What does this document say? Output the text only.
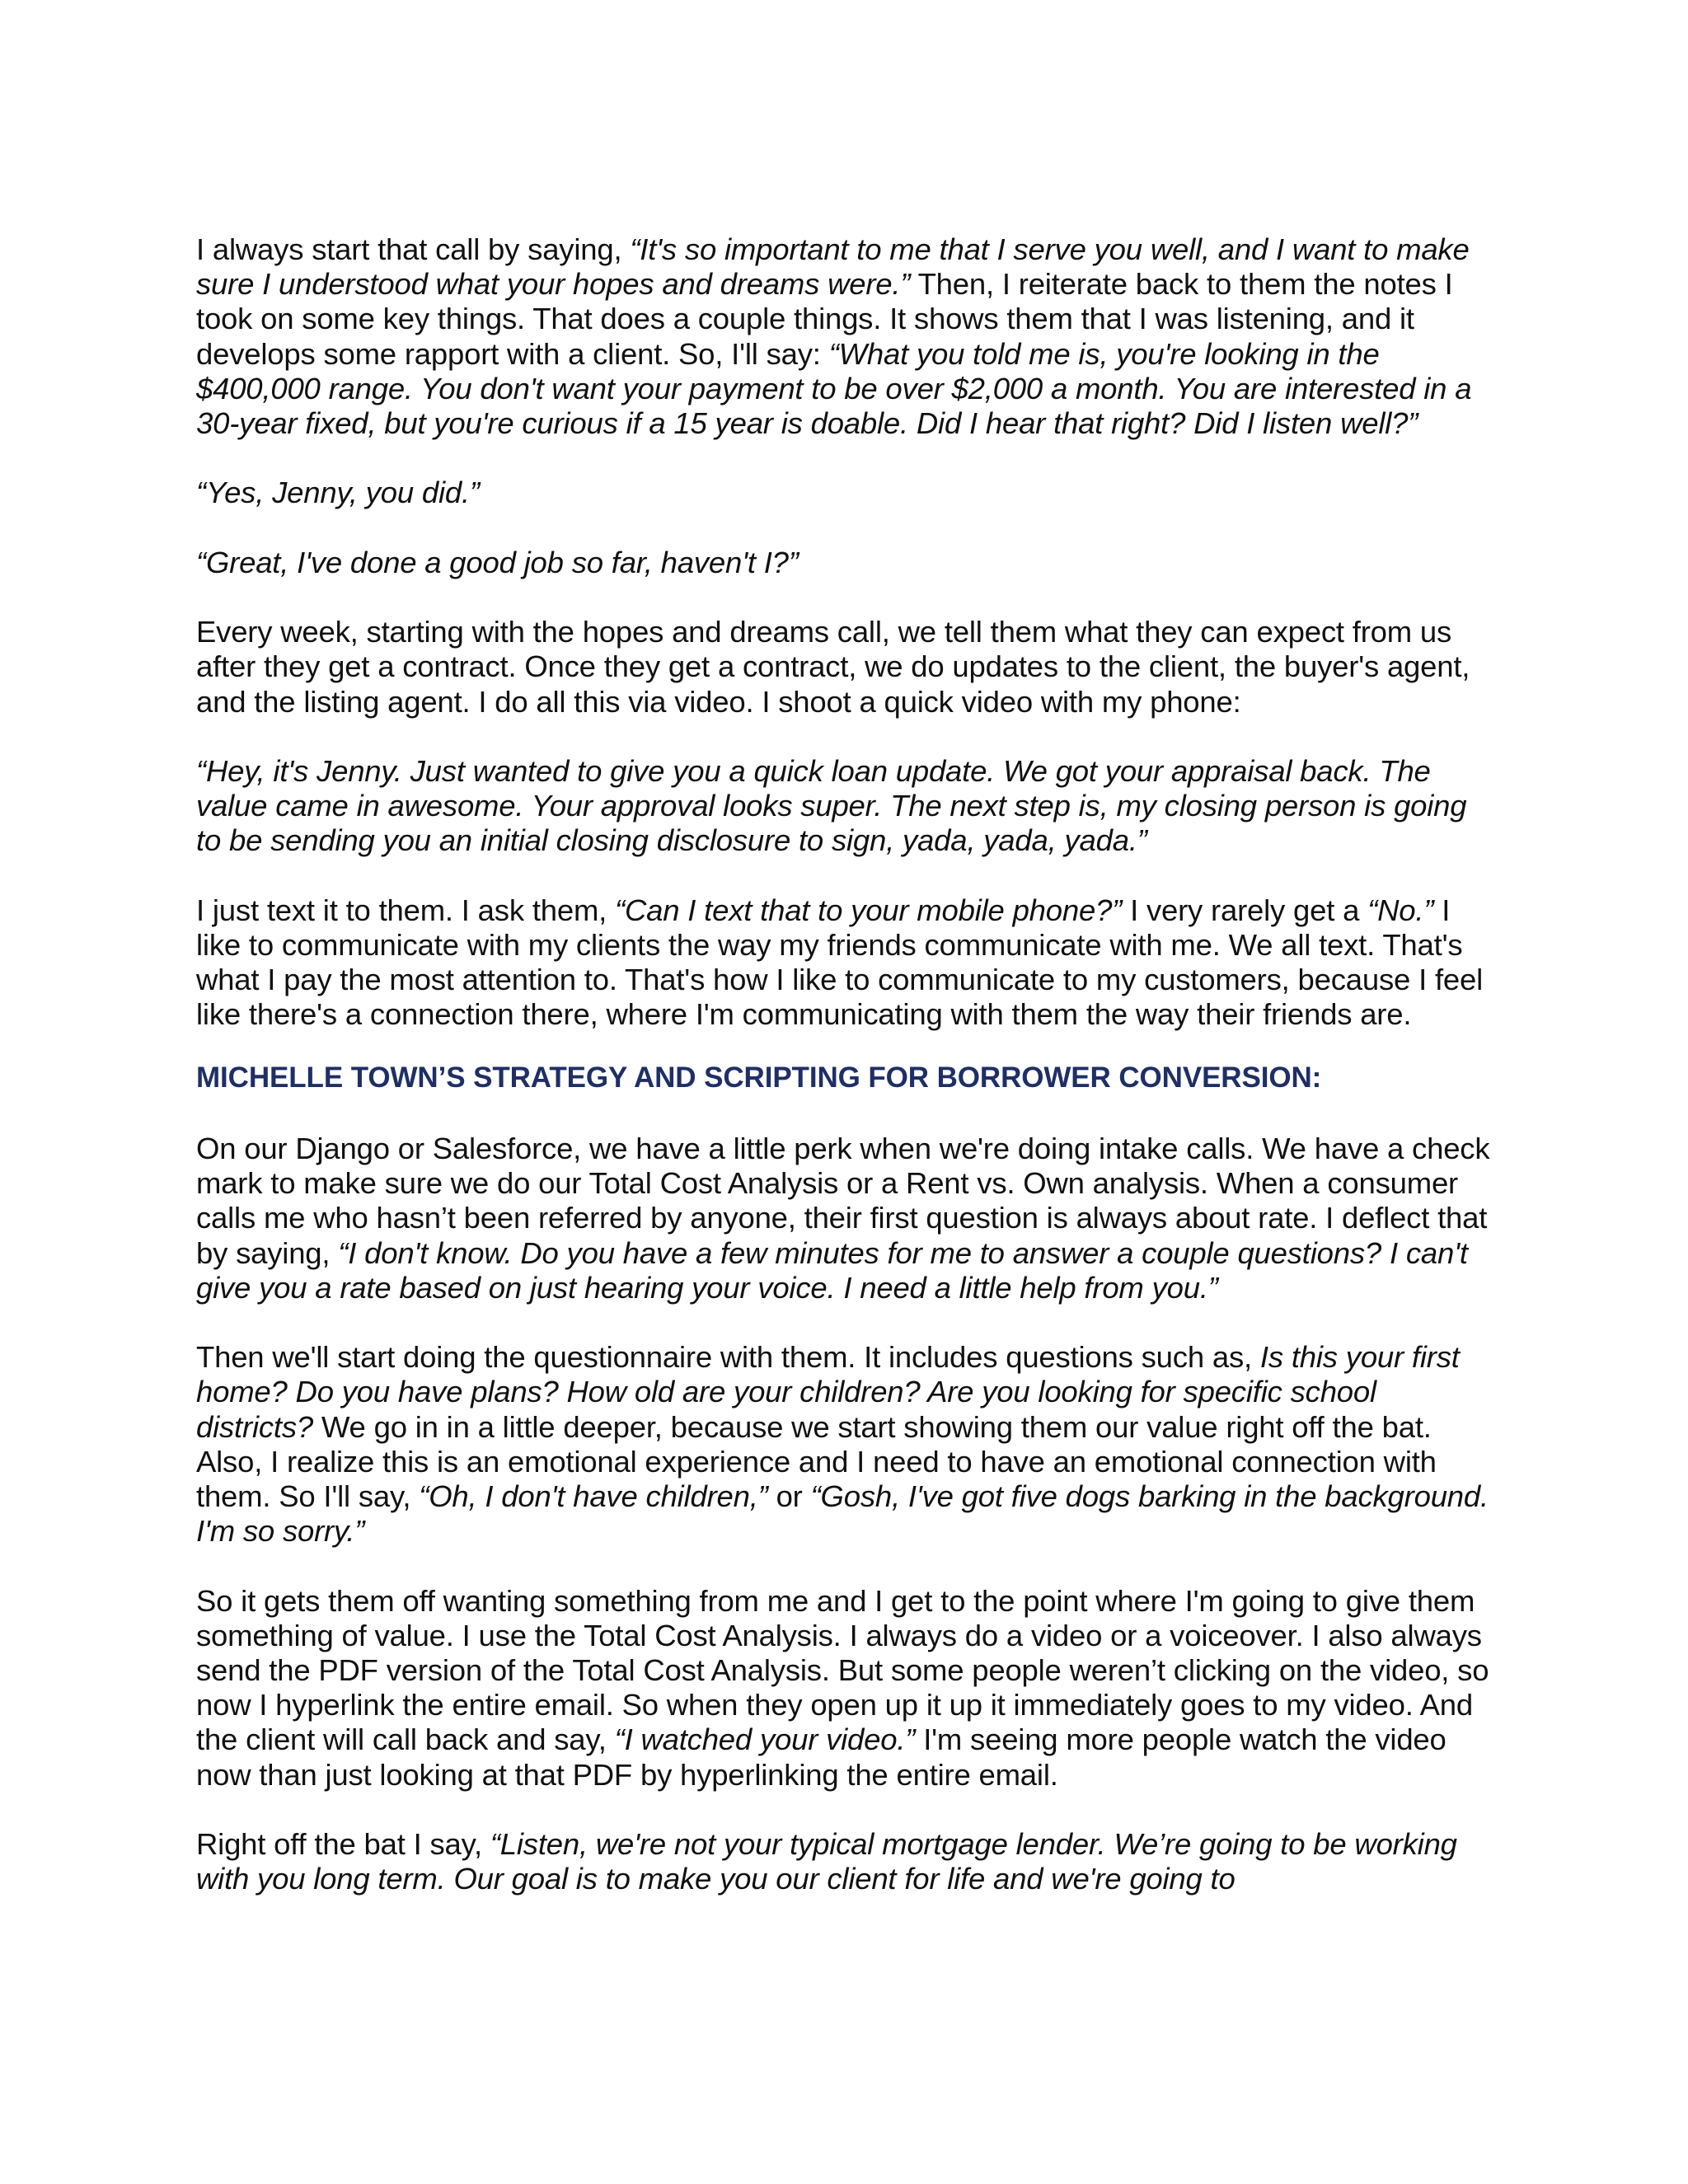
I always start that call by saying, “It's so important to me that I serve you well, and I want to make sure I understood what your hopes and dreams were.” Then, I reiterate back to them the notes I took on some key things. That does a couple things. It shows them that I was listening, and it develops some rapport with a client. So, I'll say: “What you told me is, you're looking in the $400,000 range. You don't want your payment to be over $2,000 a month. You are interested in a 30-year fixed, but you're curious if a 15 year is doable. Did I hear that right? Did I listen well?”

“Yes, Jenny, you did.”

“Great, I've done a good job so far, haven't I?”

Every week, starting with the hopes and dreams call, we tell them what they can expect from us after they get a contract. Once they get a contract, we do updates to the client, the buyer's agent, and the listing agent. I do all this via video. I shoot a quick video with my phone:

“Hey, it's Jenny. Just wanted to give you a quick loan update. We got your appraisal back. The value came in awesome. Your approval looks super. The next step is, my closing person is going to be sending you an initial closing disclosure to sign, yada, yada, yada.”

I just text it to them. I ask them, “Can I text that to your mobile phone?” I very rarely get a “No.” I like to communicate with my clients the way my friends communicate with me. We all text. That's what I pay the most attention to. That's how I like to communicate to my customers, because I feel like there's a connection there, where I'm communicating with them the way their friends are.

MICHELLE TOWN’S STRATEGY AND SCRIPTING FOR BORROWER CONVERSION:

On our Django or Salesforce, we have a little perk when we're doing intake calls. We have a check mark to make sure we do our Total Cost Analysis or a Rent vs. Own analysis. When a consumer calls me who hasn’t been referred by anyone, their first question is always about rate. I deflect that by saying, “I don't know. Do you have a few minutes for me to answer a couple questions? I can't give you a rate based on just hearing your voice. I need a little help from you.”

Then we'll start doing the questionnaire with them. It includes questions such as, Is this your first home? Do you have plans? How old are your children? Are you looking for specific school districts? We go in in a little deeper, because we start showing them our value right off the bat. Also, I realize this is an emotional experience and I need to have an emotional connection with them. So I'll say, “Oh, I don't have children,” or “Gosh, I've got five dogs barking in the background. I'm so sorry.”

So it gets them off wanting something from me and I get to the point where I'm going to give them something of value. I use the Total Cost Analysis. I always do a video or a voiceover. I also always send the PDF version of the Total Cost Analysis. But some people weren’t clicking on the video, so now I hyperlink the entire email. So when they open up it up it immediately goes to my video. And the client will call back and say, “I watched your video.” I'm seeing more people watch the video now than just looking at that PDF by hyperlinking the entire email.

Right off the bat I say, “Listen, we're not your typical mortgage lender. We’re going to be working with you long term. Our goal is to make you our client for life and we're going to
